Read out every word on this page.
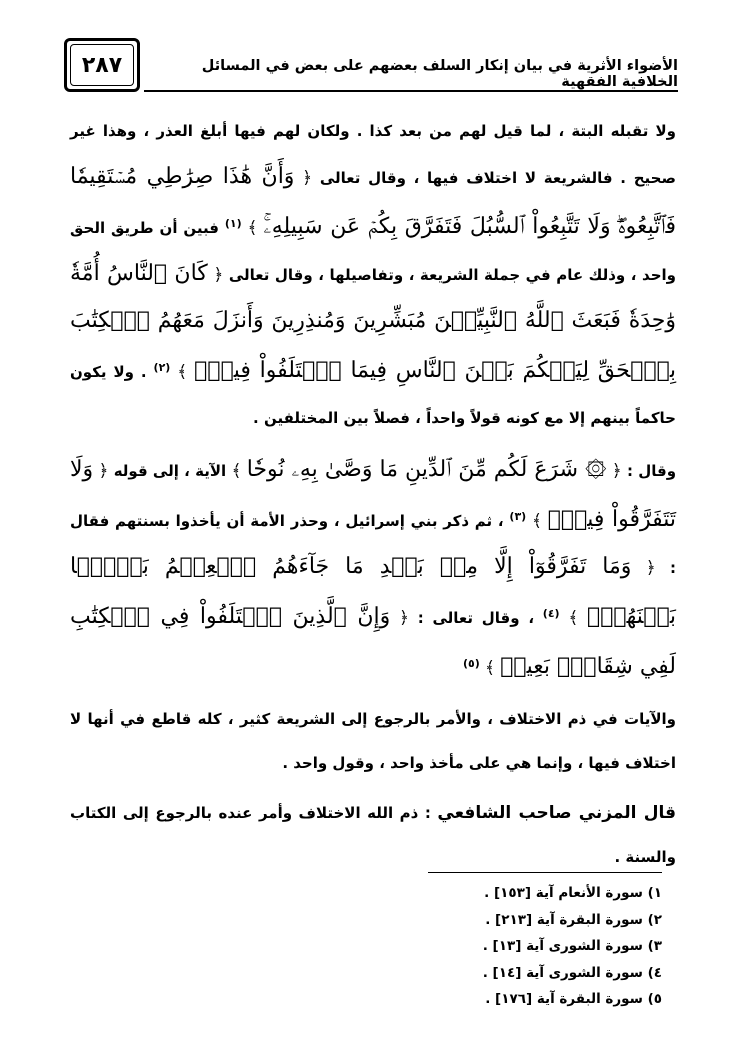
٢٨٧	الأضواء الأثرية في بيان إنكار السلف بعضهم على بعض في المسائل الخلافية الفقهية

ولا تقبله البتة ، لما قيل لهم من بعد كذا . ولكان لهم فيها أبلغ العذر ، وهذا غير صحيح . فالشريعة لا اختلاف فيها ، وقال تعالى ﴿ وَأَنَّ هَٰذَا صِرَٰطِي مُسۡتَقِيمٗا فَٱتَّبِعُوهُۖ وَلَا تَتَّبِعُواْ ٱلسُّبُلَ فَتَفَرَّقَ بِكُمۡ عَن سَبِيلِهِۦۚ ﴾ $^{(١)}$ فبين أن طريق الحق واحد ، وذلك عام في جملة الشريعة ، وتفاصيلها ، وقال تعالى ﴿ كَانَ ٱلنَّاسُ أُمَّةٗ وَٰحِدَةٗ فَبَعَثَ ٱللَّهُ ٱلنَّبِيِّـۧنَ مُبَشِّرِينَ وَمُنذِرِينَ وَأَنزَلَ مَعَهُمُ ٱلۡكِتَٰبَ بِٱلۡحَقِّ لِيَحۡكُمَ بَيۡنَ ٱلنَّاسِ فِيمَا ٱخۡتَلَفُواْ فِيهِۚ ﴾ $^{(٢)}$ . ولا يكون حاكماً بينهم إلا مع كونه قولاً واحداً ، فصلاً بين المختلفين .

وقال : ﴿ ۞ شَرَعَ لَكُم مِّنَ ٱلدِّينِ مَا وَصَّىٰ بِهِۦ نُوحٗا ﴾ الآية ، إلى قوله ﴿ وَلَا تَتَفَرَّقُواْ فِيهِۚ ﴾ $^{(٣)}$ ، ثم ذكر بني إسرائيل ، وحذر الأمة أن يأخذوا بسنتهم فقال : ﴿ وَمَا تَفَرَّقُوٓاْ إِلَّا مِنۢ بَعۡدِ مَا جَآءَهُمُ ٱلۡعِلۡمُ بَغۡيَۢا بَيۡنَهُمۡۚ ﴾ $^{(٤)}$ ، وقال تعالى : ﴿ وَإِنَّ ٱلَّذِينَ ٱخۡتَلَفُواْ فِي ٱلۡكِتَٰبِ لَفِي شِقَاقِۢ بَعِيدٖ ﴾ $^{(٥)}$

والآيات في ذم الاختلاف ، والأمر بالرجوع إلى الشريعة كثير ، كله قاطع في أنها لا اختلاف فيها ، وإنما هي على مأخذ واحد ، وقول واحد .

قال المزني صاحب الشافعي : ذم الله الاختلاف وأمر عنده بالرجوع إلى الكتاب والسنة .

١) سورة الأنعام آية [١٥٣] .
٢) سورة البقرة آية [٢١٣] .
٣) سورة الشورى آية [١٣] .
٤) سورة الشورى آية [١٤] .
٥) سورة البقرة آية [١٧٦] .
